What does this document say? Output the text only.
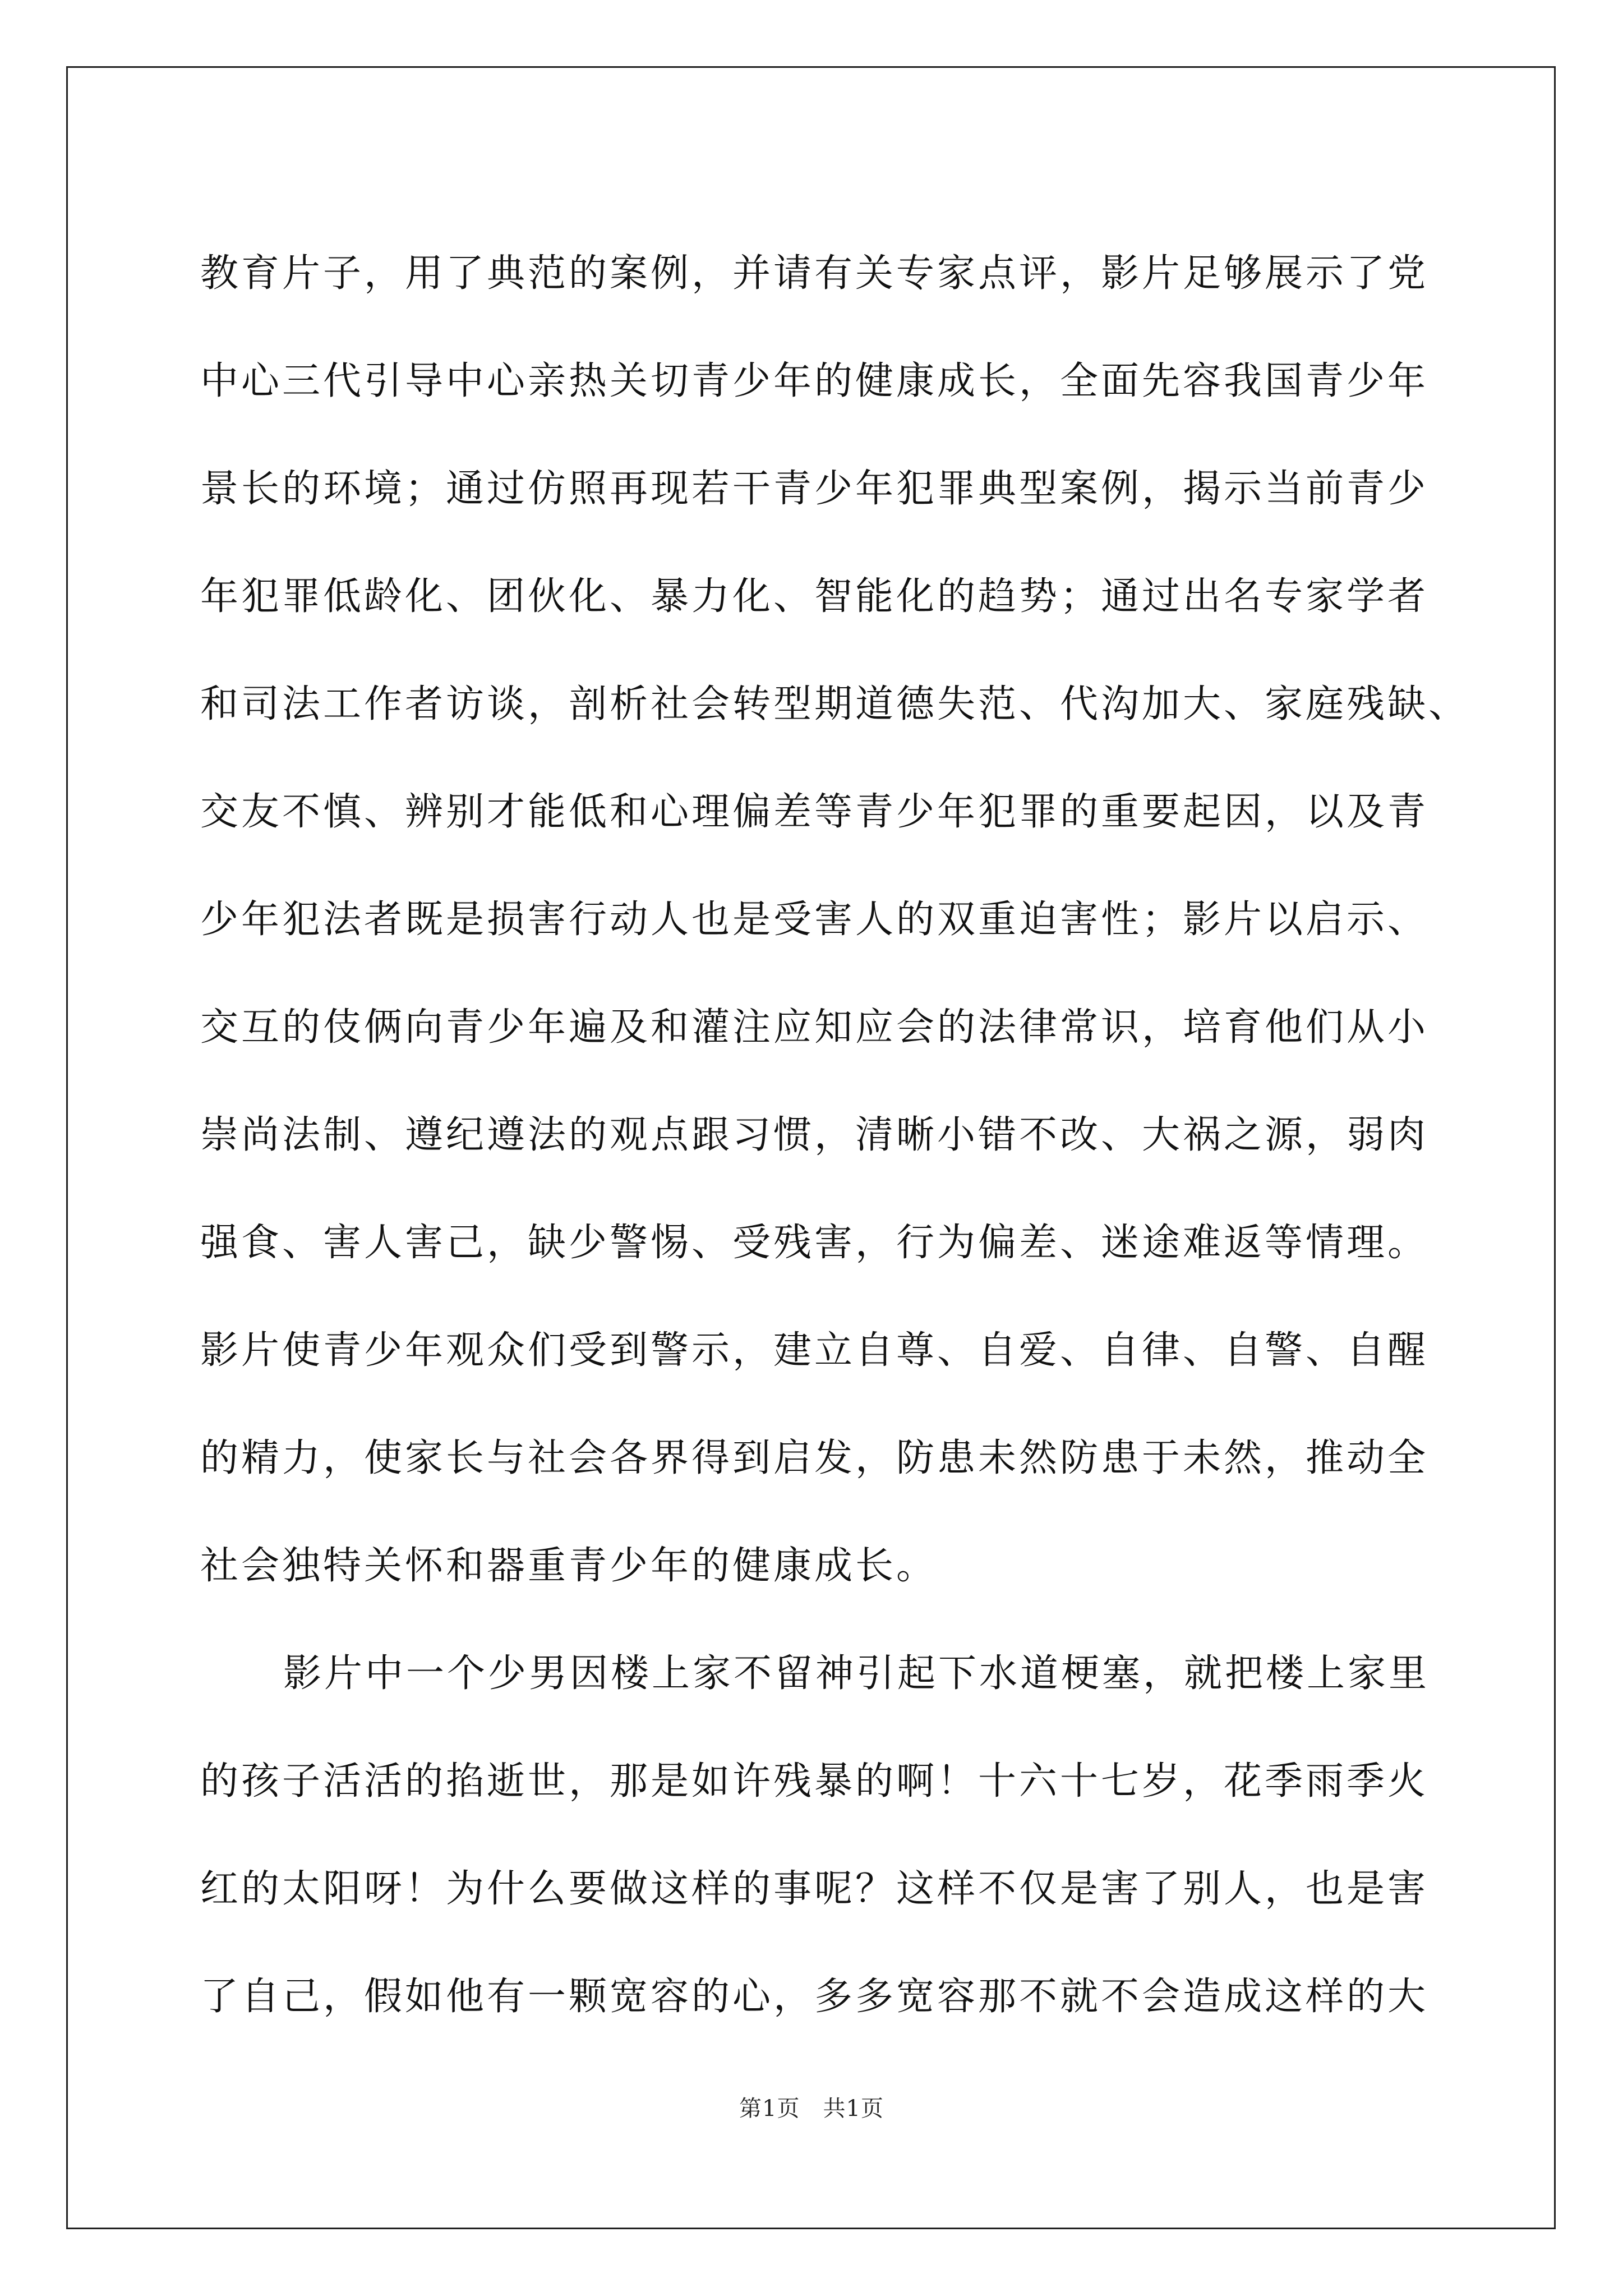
教育片子，用了典范的案例，并请有关专家点评，影片足够展示了党
中心三代引导中心亲热关切青少年的健康成长，全面先容我国青少年
景长的环境；通过仿照再现若干青少年犯罪典型案例，揭示当前青少
年犯罪低龄化、团伙化、暴力化、智能化的趋势；通过出名专家学者
和司法工作者访谈，剖析社会转型期道德失范、代沟加大、家庭残缺、
交友不慎、辨别才能低和心理偏差等青少年犯罪的重要起因，以及青
少年犯法者既是损害行动人也是受害人的双重迫害性；影片以启示、
交互的伎俩向青少年遍及和灌注应知应会的法律常识，培育他们从小
崇尚法制、遵纪遵法的观点跟习惯，清晰小错不改、大祸之源，弱肉
强食、害人害己，缺少警惕、受残害，行为偏差、迷途难返等情理。
影片使青少年观众们受到警示，建立自尊、自爱、自律、自警、自醒
的精力，使家长与社会各界得到启发，防患未然防患于未然，推动全
社会独特关怀和器重青少年的健康成长。
影片中一个少男因楼上家不留神引起下水道梗塞，就把楼上家里
的孩子活活的掐逝世，那是如许残暴的啊！十六十七岁，花季雨季火
红的太阳呀！为什么要做这样的事呢？这样不仅是害了别人，也是害
了自己，假如他有一颗宽容的心，多多宽容那不就不会造成这样的大
第1页　共1页
